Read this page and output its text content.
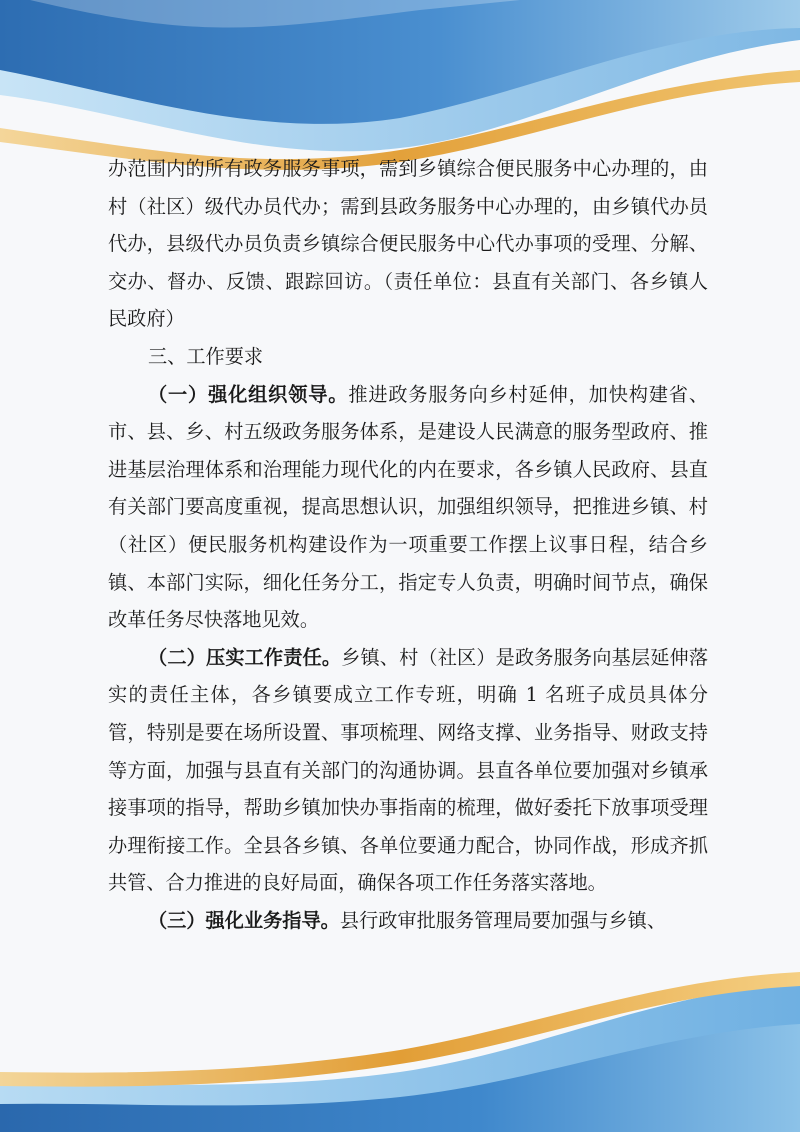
办范围内的所有政务服务事项，需到乡镇综合便民服务中心办理的，由村（社区）级代办员代办；需到县政务服务中心办理的，由乡镇代办员代办，县级代办员负责乡镇综合便民服务中心代办事项的受理、分解、交办、督办、反馈、跟踪回访。（责任单位：县直有关部门、各乡镇人民政府）

三、工作要求

（一）强化组织领导。推进政务服务向乡村延伸，加快构建省、市、县、乡、村五级政务服务体系，是建设人民满意的服务型政府、推进基层治理体系和治理能力现代化的内在要求，各乡镇人民政府、县直有关部门要高度重视，提高思想认识，加强组织领导，把推进乡镇、村（社区）便民服务机构建设作为一项重要工作摆上议事日程，结合乡镇、本部门实际，细化任务分工，指定专人负责，明确时间节点，确保改革任务尽快落地见效。

（二）压实工作责任。乡镇、村（社区）是政务服务向基层延伸落实的责任主体，各乡镇要成立工作专班，明确 1 名班子成员具体分管，特别是要在场所设置、事项梳理、网络支撑、业务指导、财政支持等方面，加强与县直有关部门的沟通协调。县直各单位要加强对乡镇承接事项的指导，帮助乡镇加快办事指南的梳理，做好委托下放事项受理办理衔接工作。全县各乡镇、各单位要通力配合，协同作战，形成齐抓共管、合力推进的良好局面，确保各项工作任务落实落地。

（三）强化业务指导。县行政审批服务管理局要加强与乡镇、
